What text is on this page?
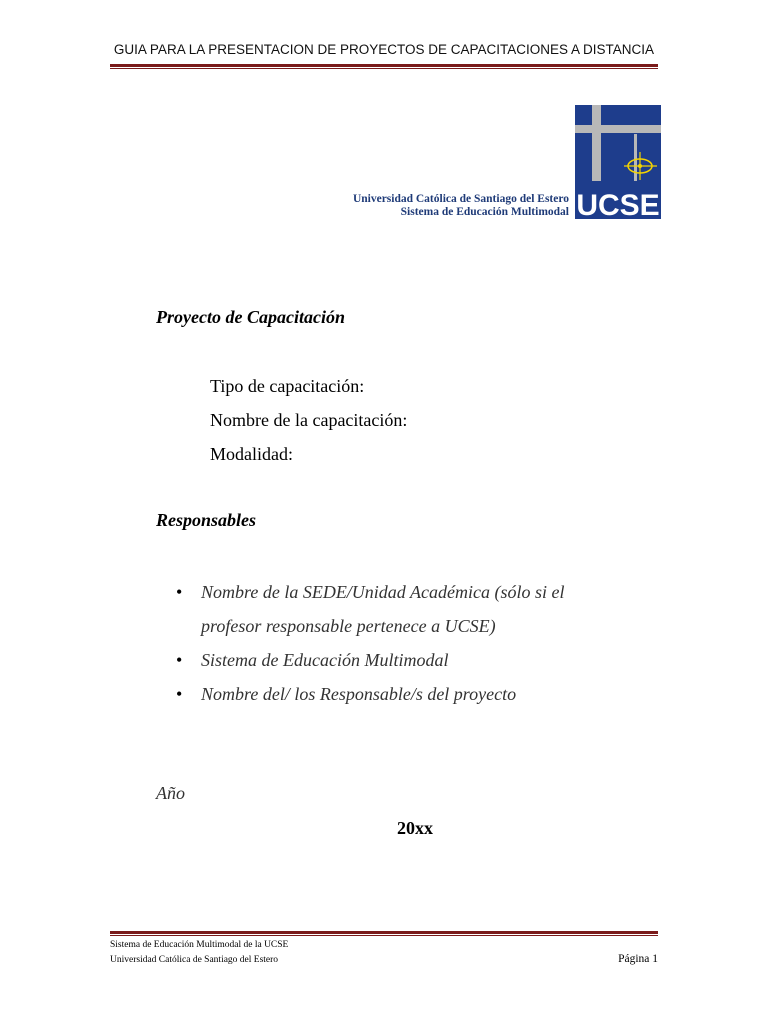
GUIA PARA LA PRESENTACION DE PROYECTOS DE CAPACITACIONES A DISTANCIA
Universidad Católica de Santiago del Estero
Sistema de Educación Multimodal UCSE
Proyecto de Capacitación
Tipo de capacitación:
Nombre de la capacitación:
Modalidad:
Responsables
• Nombre de la SEDE/Unidad Académica (sólo si el
profesor responsable pertenece a UCSE)
• Sistema de Educación Multimodal
• Nombre del/ los Responsable/s del proyecto
Año
20xx
Sistema de Educación Multimodal de la UCSE
Universidad Católica de Santiago del Estero	Página 1
